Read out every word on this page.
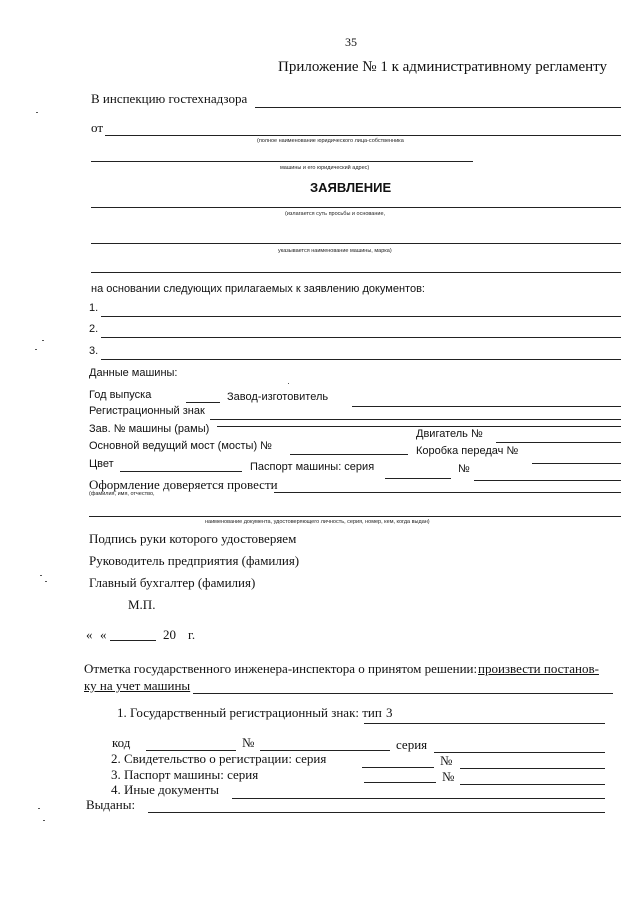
35
Приложение № 1 к административному регламенту
В инспекцию гостехнадзора
от
(полное наименование юридического лица-собственника
машины и его юридический адрес)
ЗАЯВЛЕНИЕ
(излагается суть просьбы и основание,
указывается наименование машины, марка)
на основании следующих прилагаемых к заявлению документов:
1.
2.
3.
Данные машины:
Год выпуска	Завод-изготовитель
Регистрационный знак
Зав. № машины (рамы)	Двигатель №
Основной ведущий мост (мосты) №	Коробка передач №
Цвет	Паспорт машины: серия	№
Оформление доверяется провести
(фамилия, имя, отчество,
наименование документа, удостоверяющего личность, серия, номер, кем, когда выдан)
Подпись руки которого удостоверяем
Руководитель предприятия (фамилия)
Главный бухгалтер (фамилия)
М.П.
« «	20 г.
Отметка государственного инженера-инспектора о принятом решении: произвести постанов-
ку на учет машины
1. Государственный регистрационный знак: тип 3
код	№	серия
2. Свидетельство о регистрации: серия	№
3. Паспорт машины: серия	№
4. Иные документы
Выданы:
